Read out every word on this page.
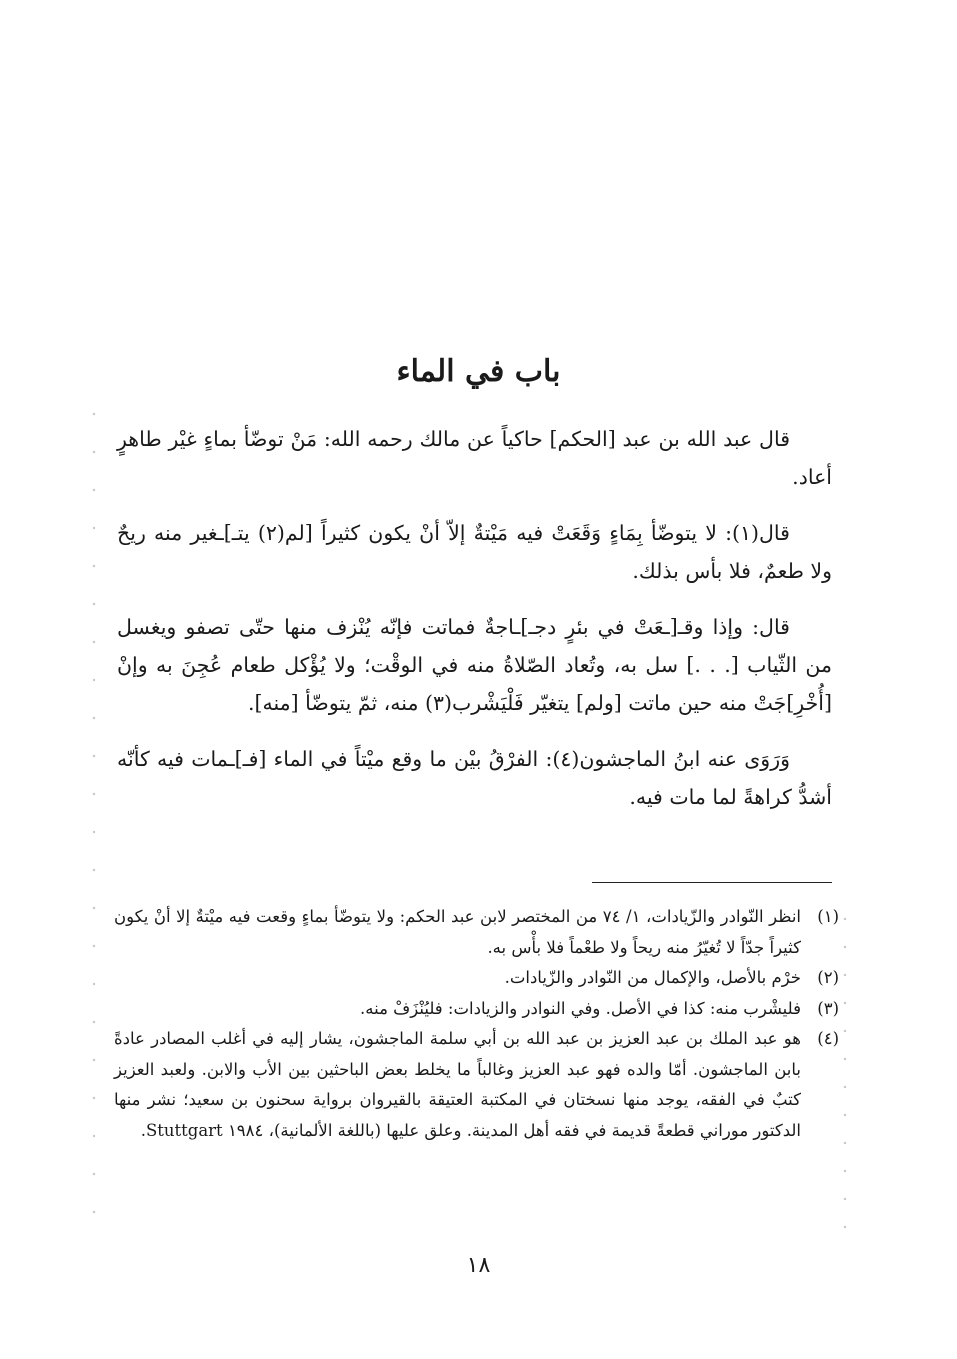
باب في الماء

قال عبد الله بن عبد [الحكم] حاكياً عن مالك رحمه الله: مَنْ توضّأ بماءٍ غيْر طاهرٍ أعاد.

قال(١): لا يتوضّأ بِمَاءٍ وَقَعَتْ فيه مَيْتةٌ إلاّ أنْ يكون كثيراً [لم(٢) يتـ]ـغير منه ريحٌ ولا طعمٌ، فلا بأس بذلك.

قال: وإذا وقـ[ـعَتْ في بئرٍ دجـ]ـاجةٌ فماتت فإنّه يُنْزف منها حتّى تصفو ويغسل من الثّياب [. . .] سل به، وتُعاد الصّلاةُ منه في الوقْت؛ ولا يُؤْكل طعام عُجِنَ به وإنْ [أُخْرِ]جَتْ منه حين ماتت [ولم] يتغيّر فَلْيَشْرب(٣) منه، ثمّ يتوضّأ [منه].

وَرَوَى عنه ابنُ الماجشون(٤): الفرْقُ بيْن ما وقع ميْتاً في الماء [فـ]ـمات فيه كأنّه أشدُّ كراهةً لما مات فيه.

(١)
انظر النّوادر والزّيادات، ١/ ٧٤ من المختصر لابن عبد الحكم: ولا يتوضّأ بماءٍ وقعت فيه ميْتةٌ إلا أنْ يكون كثيراً جدّاً لا تُغيّرُ منه ريحاً ولا طعْماً فلا بأْس به.
(٢)
خرْم بالأصل، والإكمال من النّوادر والزّيادات.
(٣)
فليشْرب منه: كذا في الأصل. وفي النوادر والزيادات: فليُنْزَفْ منه.
(٤)
هو عبد الملك بن عبد العزيز بن عبد الله بن أبي سلمة الماجشون، يشار إليه في أغلب المصادر عادةً بابن الماجشون. أمّا والده فهو عبد العزيز وغالباً ما يخلط بعض الباحثين بين الأب والابن. ولعبد العزيز كتبٌ في الفقه، يوجد منها نسختان في المكتبة العتيقة بالقيروان برواية سحنون بن سعيد؛ نشر منها الدكتور موراني قطعةً قديمة في فقه أهل المدينة. وعلق عليها (باللغة الألمانية)، ١٩٨٤ Stuttgart.
١٨
